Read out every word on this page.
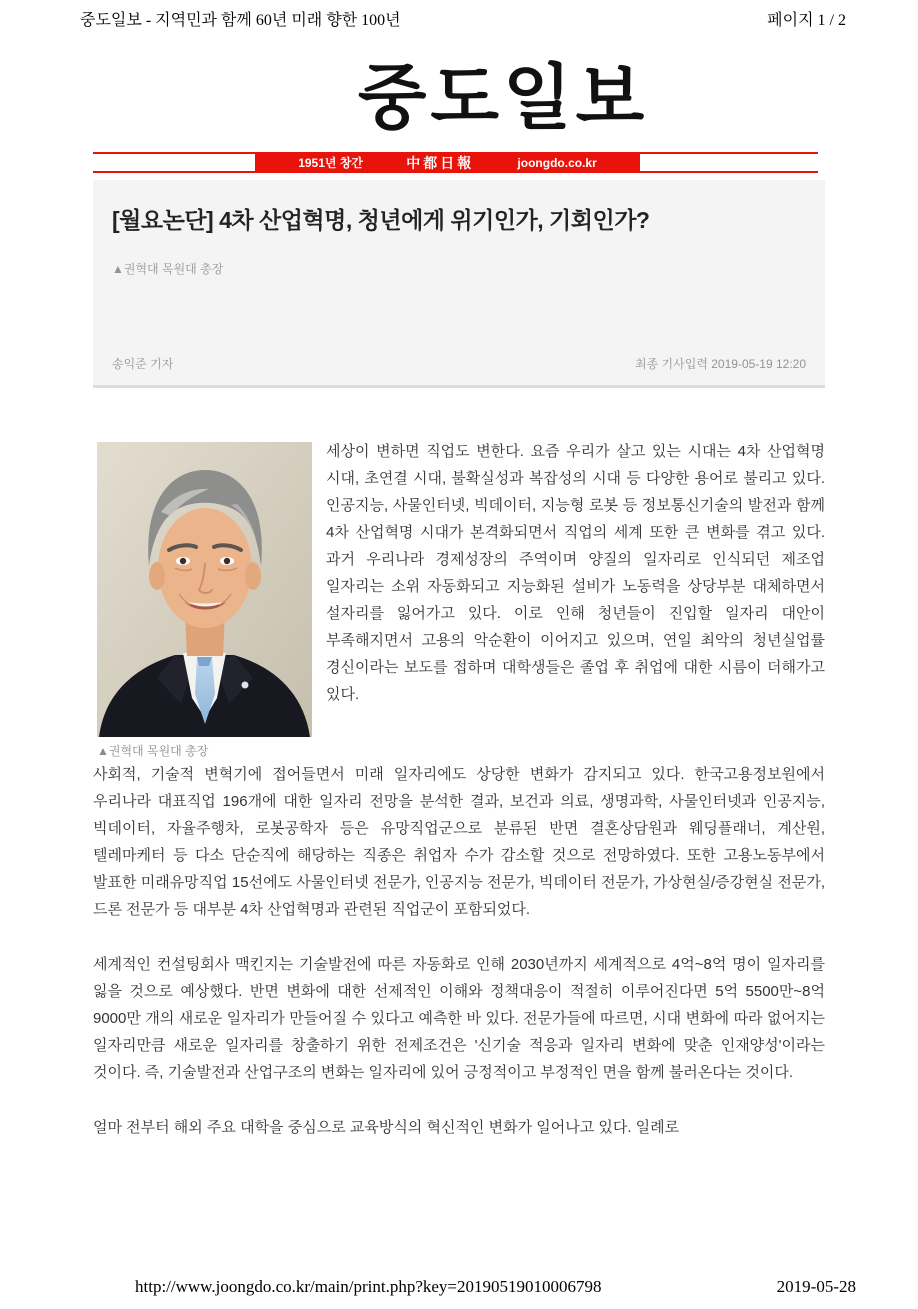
중도일보 - 지역민과 함께 60년 미래 향한 100년	페이지 1 / 2
중도일보
1951년 창간	中都日報	joongdo.co.kr
[월요논단] 4차 산업혁명, 청년에게 위기인가, 기회인가?
▲권혁대 목원대 총장
송익준 기자	최종 기사입력 2019-05-19 12:20
▲권혁대 목원대 총장

세상이 변하면 직업도 변한다. 요즘 우리가 살고 있는 시대는 4차 산업혁명 시대, 초연결 시대, 불확실성과 복잡성의 시대 등 다양한 용어로 불리고 있다. 인공지능, 사물인터넷, 빅데이터, 지능형 로봇 등 정보통신기술의 발전과 함께 4차 산업혁명 시대가 본격화되면서 직업의 세계 또한 큰 변화를 겪고 있다. 과거 우리나라 경제성장의 주역이며 양질의 일자리로 인식되던 제조업 일자리는 소위 자동화되고 지능화된 설비가 노동력을 상당부분 대체하면서 설자리를 잃어가고 있다. 이로 인해 청년들이 진입할 일자리 대안이 부족해지면서 고용의 악순환이 이어지고 있으며, 연일 최악의 청년실업률 경신이라는 보도를 접하며 대학생들은 졸업 후 취업에 대한 시름이 더해가고 있다.

사회적, 기술적 변혁기에 접어들면서 미래 일자리에도 상당한 변화가 감지되고 있다. 한국고용정보원에서 우리나라 대표직업 196개에 대한 일자리 전망을 분석한 결과, 보건과 의료, 생명과학, 사물인터넷과 인공지능, 빅데이터, 자율주행차, 로봇공학자 등은 유망직업군으로 분류된 반면 결혼상담원과 웨딩플래너, 계산원, 텔레마케터 등 다소 단순직에 해당하는 직종은 취업자 수가 감소할 것으로 전망하였다. 또한 고용노동부에서 발표한 미래유망직업 15선에도 사물인터넷 전문가, 인공지능 전문가, 빅데이터 전문가, 가상현실/증강현실 전문가, 드론 전문가 등 대부분 4차 산업혁명과 관련된 직업군이 포함되었다.

세계적인 컨설팅회사 맥킨지는 기술발전에 따른 자동화로 인해 2030년까지 세계적으로 4억~8억 명이 일자리를 잃을 것으로 예상했다. 반면 변화에 대한 선제적인 이해와 정책대응이 적절히 이루어진다면 5억 5500만~8억 9000만 개의 새로운 일자리가 만들어질 수 있다고 예측한 바 있다. 전문가들에 따르면, 시대 변화에 따라 없어지는 일자리만큼 새로운 일자리를 창출하기 위한 전제조건은 '신기술 적응과 일자리 변화에 맞춘 인재양성'이라는 것이다. 즉, 기술발전과 산업구조의 변화는 일자리에 있어 긍정적이고 부정적인 면을 함께 불러온다는 것이다.

얼마 전부터 해외 주요 대학을 중심으로 교육방식의 혁신적인 변화가 일어나고 있다. 일례로

http://www.joongdo.co.kr/main/print.php?key=20190519010006798	2019-05-28
